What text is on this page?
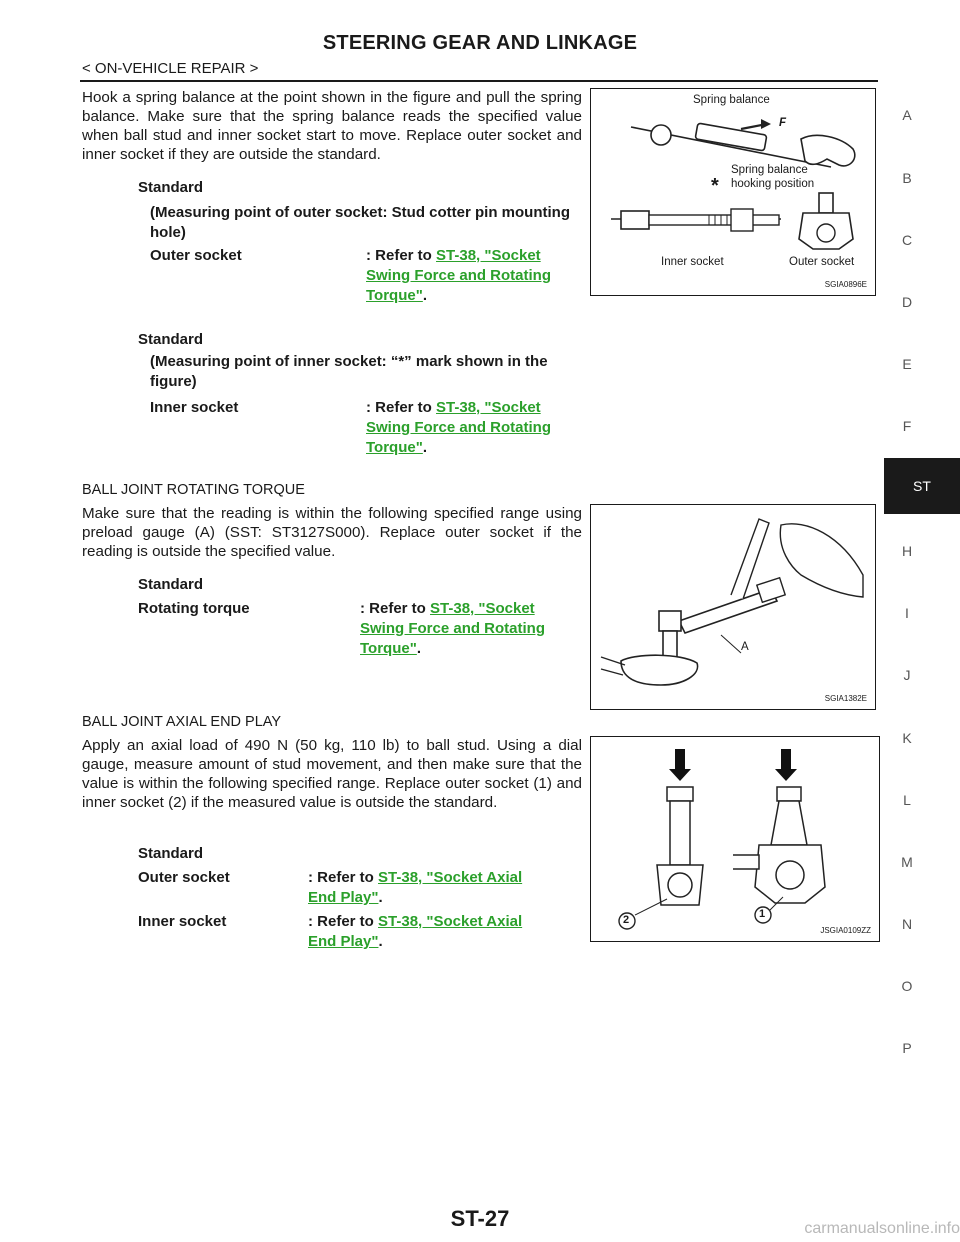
STEERING GEAR AND LINKAGE
< ON-VEHICLE REPAIR >
A
B
C
D
E
F
ST
H
I
J
K
L
M
N
O
P
Hook a spring balance at the point shown in the figure and pull the spring balance. Make sure that the spring balance reads the specified value when ball stud and inner socket start to move. Replace outer socket and inner socket if they are outside the standard.
Standard
(Measuring point of outer socket: Stud cotter pin mounting hole)
Outer socket	: Refer to ST-38, "Socket
Swing Force and Rotating
Torque".
Standard
(Measuring point of inner socket: “*” mark shown in the figure)
Inner socket	: Refer to ST-38, "Socket
Swing Force and Rotating
Torque".
Spring balance
F
Spring balance
hooking position
*
Inner socket	Outer socket
SGIA0896E
BALL JOINT ROTATING TORQUE
Make sure that the reading is within the following specified range using preload gauge (A) (SST: ST3127S000). Replace outer socket if the reading is outside the specified value.
Standard
Rotating torque	: Refer to ST-38, "Socket
Swing Force and Rotating
Torque".	A
SGIA1382E
BALL JOINT AXIAL END PLAY
Apply an axial load of 490 N (50 kg, 110 lb) to ball stud. Using a dial gauge, measure amount of stud movement, and then make sure that the value is within the following specified range. Replace outer socket (1) and inner socket (2) if the measured value is outside the standard.
Standard
Outer socket	: Refer to ST-38, "Socket Axial
End Play".
Inner socket	: Refer to ST-38, "Socket Axial
End Play".
2	1
JSGIA0109ZZ
ST-27	carmanualsonline.info
